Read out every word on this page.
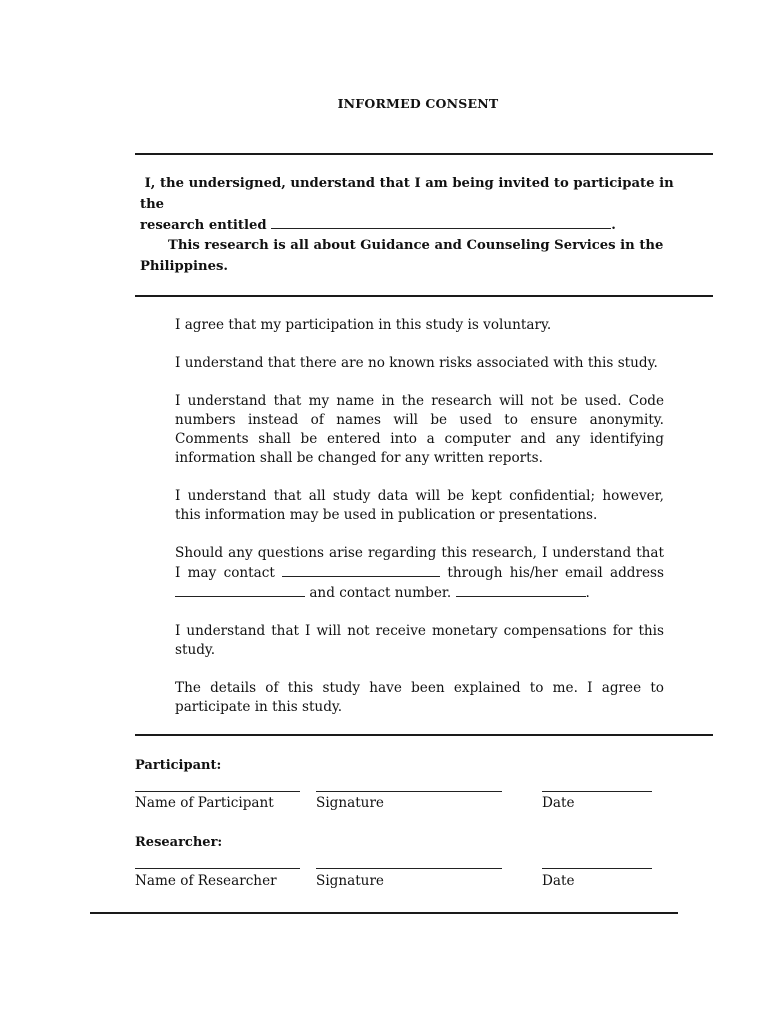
INFORMED CONSENT
I, the undersigned, understand that I am being invited to participate in the
research entitled	.
This research is all about Guidance and Counseling Services in the
Philippines.

I agree that my participation in this study is voluntary.

I understand that there are no known risks associated with this study.

I understand that my name in the research will not be used. Code numbers instead of names will be used to ensure anonymity. Comments shall be entered into a computer and any identifying information shall be changed for any written reports.

I understand that all study data will be kept confidential; however, this information may be used in publication or presentations.

Should any questions arise regarding this research, I understand that I may contact	through his/her email address  and contact number.	.

I understand that I will not receive monetary compensations for this study.

The details of this study have been explained to me. I agree to participate in this study.

Participant:
Name of Participant	Signature	Date
Researcher:
Name of Researcher	Signature	Date
